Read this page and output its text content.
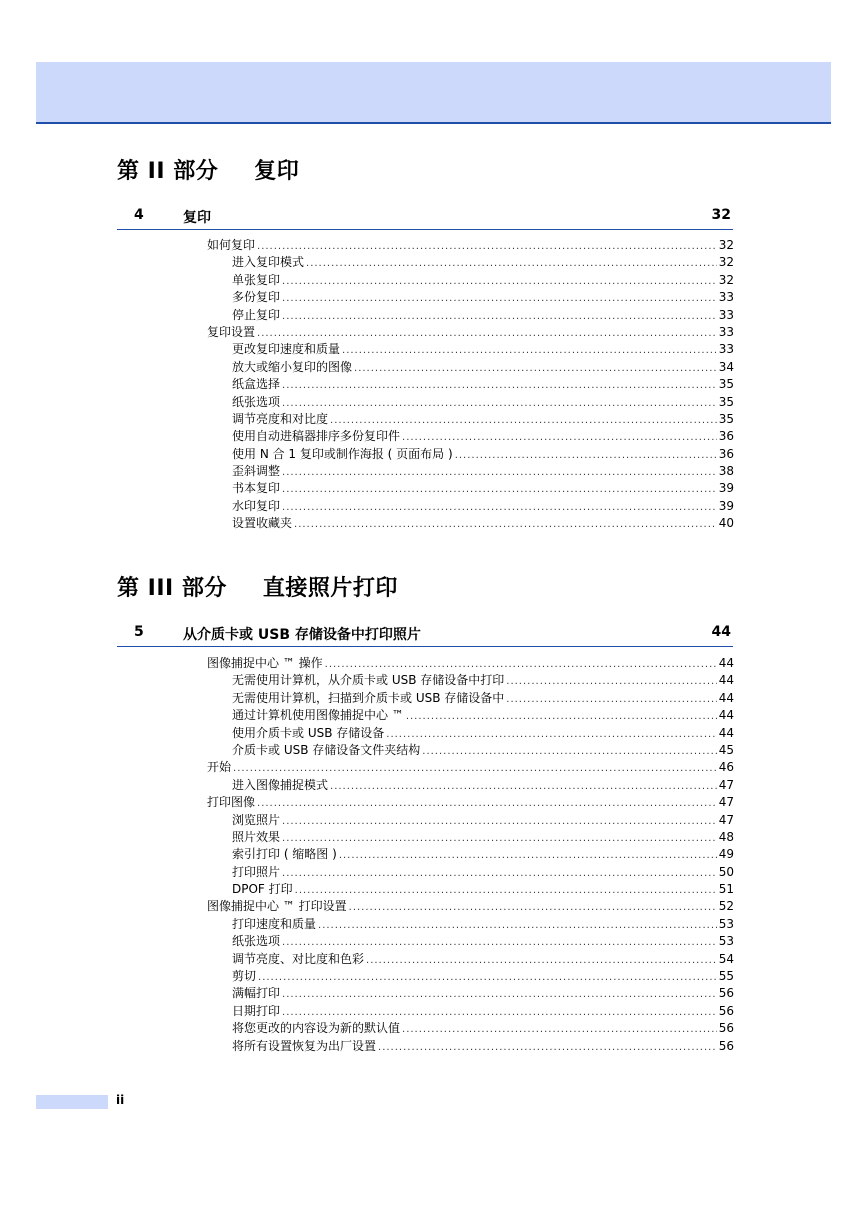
第 II 部分 复印
4	复印	32
如何复印 .....	32
进入复印模式 .....	32
单张复印 .....	32
多份复印 .....	33
停止复印 .....	33
复印设置 .....	33
更改复印速度和质量 .....	33
放大或缩小复印的图像 .....	34
纸盒选择 .....	35
纸张选项 .....	35
调节亮度和对比度 .....	35
使用自动进稿器排序多份复印件 .....	36
使用 N 合 1 复印或制作海报 ( 页面布局 ) .....	36
歪斜调整 .....	38
书本复印 .....	39
水印复印 .....	39
设置收藏夹 .....	40
第 III 部分 直接照片打印
5	从介质卡或 USB 存储设备中打印照片	44
图像捕捉中心 ™ 操作 .....	44
无需使用计算机，从介质卡或 USB 存储设备中打印 .....	44
无需使用计算机，扫描到介质卡或 USB 存储设备中 .....	44
通过计算机使用图像捕捉中心 ™ .....	44
使用介质卡或 USB 存储设备 .....	44
介质卡或 USB 存储设备文件夹结构 .....	45
开始 .....	46
进入图像捕捉模式 .....	47
打印图像 .....	47
浏览照片 .....	47
照片效果 .....	48
索引打印 ( 缩略图 ) .....	49
打印照片 .....	50
DPOF 打印 .....	51
图像捕捉中心 ™ 打印设置 .....	52
打印速度和质量 .....	53
纸张选项 .....	53
调节亮度、对比度和色彩 .....	54
剪切 .....	55
满幅打印 .....	56
日期打印 .....	56
将您更改的内容设为新的默认值 .....	56
将所有设置恢复为出厂设置 .....	56
ii
